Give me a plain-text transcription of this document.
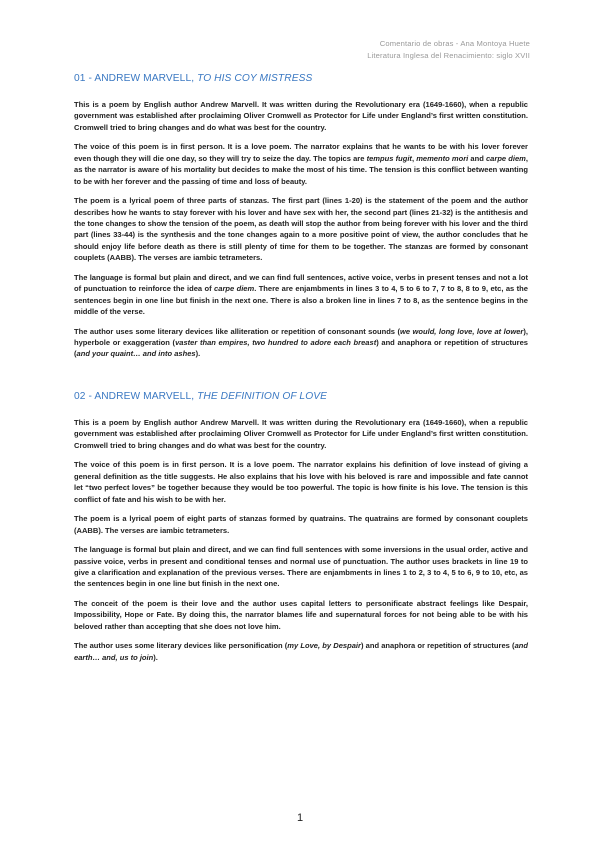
Comentario de obras - Ana Montoya Huete
Literatura Inglesa del Renacimiento: siglo XVII
01 - ANDREW MARVELL, TO HIS COY MISTRESS

This is a poem by English author Andrew Marvell. It was written during the Revolutionary era (1649-1660), when a republic government was established after proclaiming Oliver Cromwell as Protector for Life under England’s first written constitution. Cromwell tried to bring changes and do what was best for the country.

The voice of this poem is in first person. It is a love poem. The narrator explains that he wants to be with his lover forever even though they will die one day, so they will try to seize the day. The topics are tempus fugit, memento mori and carpe diem, as the narrator is aware of his mortality but decides to make the most of his time. The tension is this conflict between wanting to be with her forever and the passing of time and loss of beauty.

The poem is a lyrical poem of three parts of stanzas. The first part (lines 1-20) is the statement of the poem and the author describes how he wants to stay forever with his lover and have sex with her, the second part (lines 21-32) is the antithesis and the tone changes to show the tension of the poem, as death will stop the author from being forever with his lover and the third part (lines 33-44) is the synthesis and the tone changes again to a more positive point of view, the author concludes that he should enjoy life before death as there is still plenty of time for them to be together. The stanzas are formed by consonant couplets (AABB). The verses are iambic tetrameters.

The language is formal but plain and direct, and we can find full sentences, active voice, verbs in present tenses and not a lot of punctuation to reinforce the idea of carpe diem. There are enjambments in lines 3 to 4, 5 to 6 to 7, 7 to 8, 8 to 9, etc, as the sentences begin in one line but finish in the next one. There is also a broken line in lines 7 to 8, as the sentence begins in the middle of the verse.

The author uses some literary devices like alliteration or repetition of consonant sounds (we would, long love, love at lower), hyperbole or exaggeration (vaster than empires, two hundred to adore each breast) and anaphora or repetition of structures (and your quaint… and into ashes).

02 - ANDREW MARVELL, THE DEFINITION OF LOVE

This is a poem by English author Andrew Marvell. It was written during the Revolutionary era (1649-1660), when a republic government was established after proclaiming Oliver Cromwell as Protector for Life under England’s first written constitution. Cromwell tried to bring changes and do what was best for the country.

The voice of this poem is in first person. It is a love poem. The narrator explains his definition of love instead of giving a general definition as the title suggests. He also explains that his love with his beloved is rare and impossible and fate cannot let “two perfect loves” be together because they would be too powerful. The topic is how finite is his love. The tension is this conflict of fate and his wish to be with her.

The poem is a lyrical poem of eight parts of stanzas formed by quatrains. The quatrains are formed by consonant couplets (AABB). The verses are iambic tetrameters.

The language is formal but plain and direct, and we can find full sentences with some inversions in the usual order, active and passive voice, verbs in present and conditional tenses and normal use of punctuation. The author uses brackets in line 19 to give a clarification and explanation of the previous verses. There are enjambments in lines 1 to 2, 3 to 4, 5 to 6, 9 to 10, etc, as the sentences begin in one line but finish in the next one.

The conceit of the poem is their love and the author uses capital letters to personificate abstract feelings like Despair, Impossibility, Hope or Fate. By doing this, the narrator blames life and supernatural forces for not being able to be with his beloved rather than accepting that she does not love him.

The author uses some literary devices like personification (my Love, by Despair) and anaphora or repetition of structures (and earth… and, us to join).

1
